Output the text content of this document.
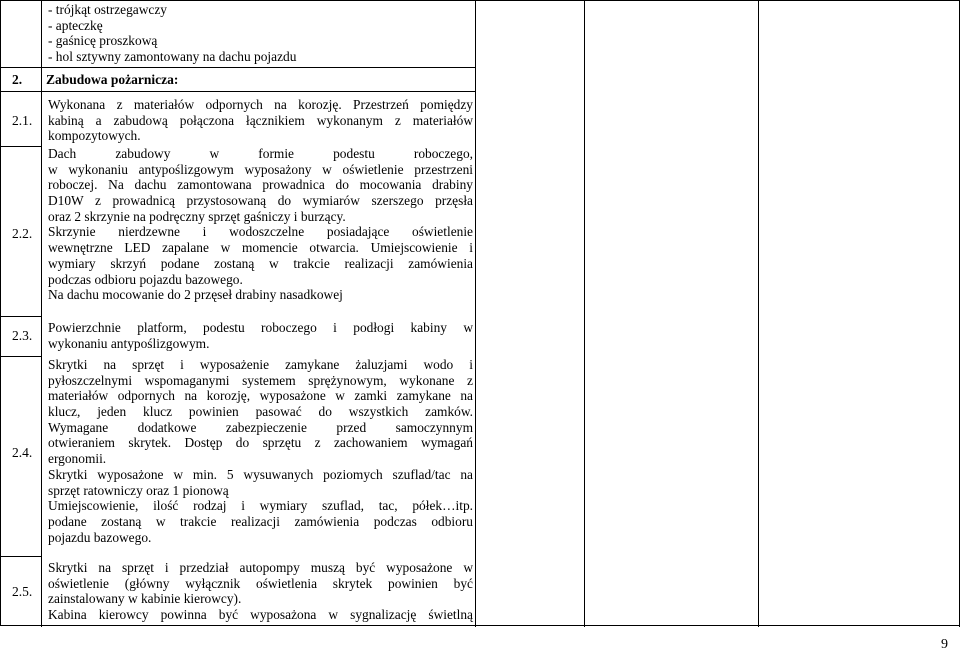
- trójkąt ostrzegawczy
- apteczkę
- gaśnicę proszkową
- hol sztywny zamontowany na dachu pojazdu
2. Zabudowa pożarnicza:
2.1.
2.2.
2.3.
2.4.
2.5.
Wykonana z materiałów odpornych na korozję. Przestrzeń pomiędzy
kabiną a zabudową połączona łącznikiem wykonanym z materiałów
kompozytowych.
Dach zabudowy w formie podestu roboczego,
w wykonaniu antypoślizgowym wyposażony w oświetlenie przestrzeni
roboczej. Na dachu zamontowana prowadnica do mocowania drabiny
D10W z prowadnicą przystosowaną do wymiarów szerszego przęsła
oraz 2 skrzynie na podręczny sprzęt gaśniczy i burzący.
Skrzynie nierdzewne i wodoszczelne posiadające oświetlenie
wewnętrzne LED zapalane w momencie otwarcia. Umiejscowienie i
wymiary skrzyń podane zostaną w trakcie realizacji zamówienia
podczas odbioru pojazdu bazowego.
Na dachu mocowanie do 2 przęseł drabiny nasadkowej
Powierzchnie platform, podestu roboczego i podłogi kabiny w
wykonaniu antypoślizgowym.
Skrytki na sprzęt i wyposażenie zamykane żaluzjami wodo i
pyłoszczelnymi wspomaganymi systemem sprężynowym, wykonane z
materiałów odpornych na korozję, wyposażone w zamki zamykane na
klucz, jeden klucz powinien pasować do wszystkich zamków.
Wymagane dodatkowe zabezpieczenie przed samoczynnym
otwieraniem skrytek. Dostęp do sprzętu z zachowaniem wymagań
ergonomii.
Skrytki wyposażone w min. 5 wysuwanych poziomych szuflad/tac na
sprzęt ratowniczy oraz 1 pionową
Umiejscowienie, ilość rodzaj i wymiary szuflad, tac, półek…itp.
podane zostaną w trakcie realizacji zamówienia podczas odbioru
pojazdu bazowego.
Skrytki na sprzęt i przedział autopompy muszą być wyposażone w
oświetlenie (główny wyłącznik oświetlenia skrytek powinien być
zainstalowany w kabinie kierowcy).
Kabina kierowcy powinna być wyposażona w sygnalizację świetlną
9
